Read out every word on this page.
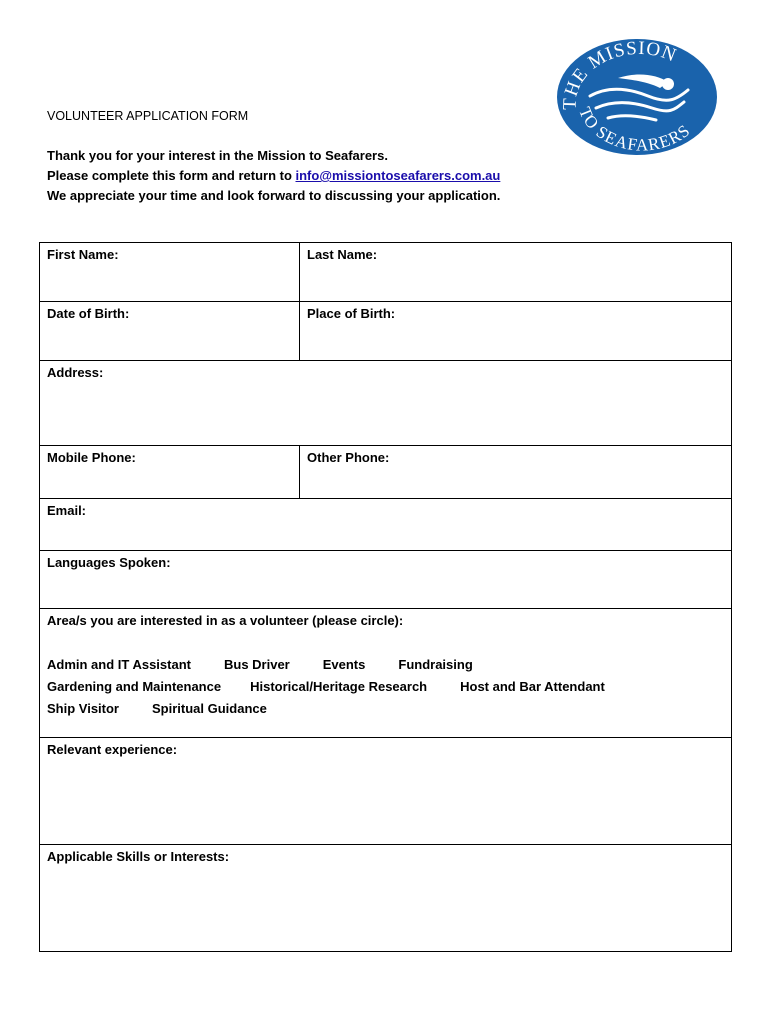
THE MISSION
TO SEAFARERS
VOLUNTEER APPLICATION FORM
Thank you for your interest in the Mission to Seafarers.
Please complete this form and return to info@missiontoseafarers.com.au
We appreciate your time and look forward to discussing your application.
First Name:	Last Name:
Date of Birth:	Place of Birth:
Address:	
Mobile Phone:	Other Phone:
Email:	
Languages Spoken:	

Area/s you are interested in as a volunteer (please circle):
Admin and IT Assistant Bus Driver Events Fundraising
Gardening and Maintenance Historical/Heritage Research Host and Bar Attendant
Ship Visitor Spiritual Guidance	

Relevant experience:	
Applicable Skills or Interests:	
